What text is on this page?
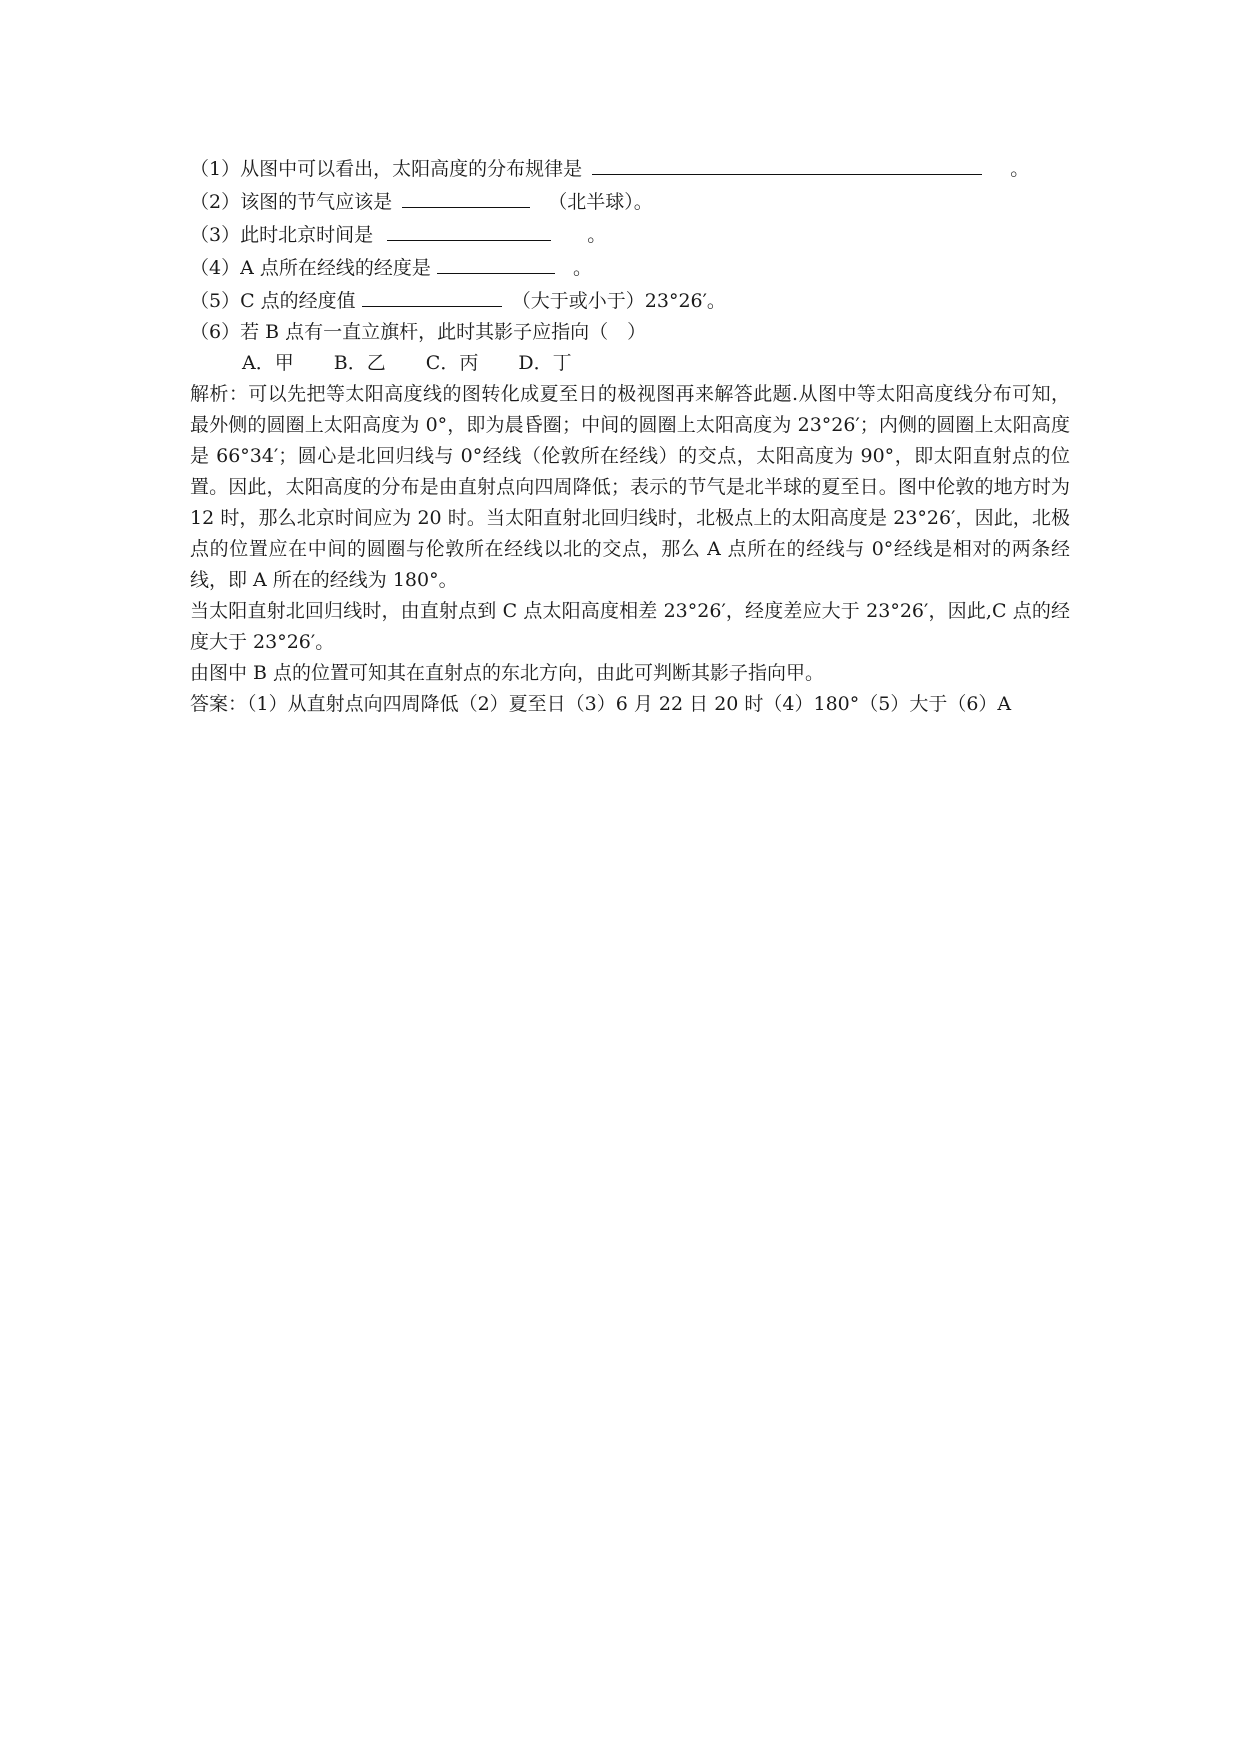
（1）从图中可以看出，太阳高度的分布规律是	。
（2）该图的节气应该是	（北半球）。
（3）此时北京时间是	。
（4）A 点所在经线的经度是	。
（5）C 点的经度值	（大于或小于）23°26′。
（6）若 B 点有一直立旗杆，此时其影子应指向（　）
A．甲 B．乙 C．丙 D．丁
解析：可以先把等太阳高度线的图转化成夏至日的极视图再来解答此题.从图中等太阳高度线分布可知，最外侧的圆圈上太阳高度为 0°，即为晨昏圈；中间的圆圈上太阳高度为 23°26′；内侧的圆圈上太阳高度是 66°34′；圆心是北回归线与 0°经线（伦敦所在经线）的交点，太阳高度为 90°，即太阳直射点的位置。因此，太阳高度的分布是由直射点向四周降低；表示的节气是北半球的夏至日。图中伦敦的地方时为 12 时，那么北京时间应为 20 时。当太阳直射北回归线时，北极点上的太阳高度是 23°26′，因此，北极点的位置应在中间的圆圈与伦敦所在经线以北的交点，那么 A 点所在的经线与 0°经线是相对的两条经线，即 A 所在的经线为 180°。
当太阳直射北回归线时，由直射点到 C 点太阳高度相差 23°26′，经度差应大于 23°26′，因此,C 点的经度大于 23°26′。
由图中 B 点的位置可知其在直射点的东北方向，由此可判断其影子指向甲。
答案：（1）从直射点向四周降低（2）夏至日（3）6 月 22 日 20 时（4）180°（5）大于（6）A
